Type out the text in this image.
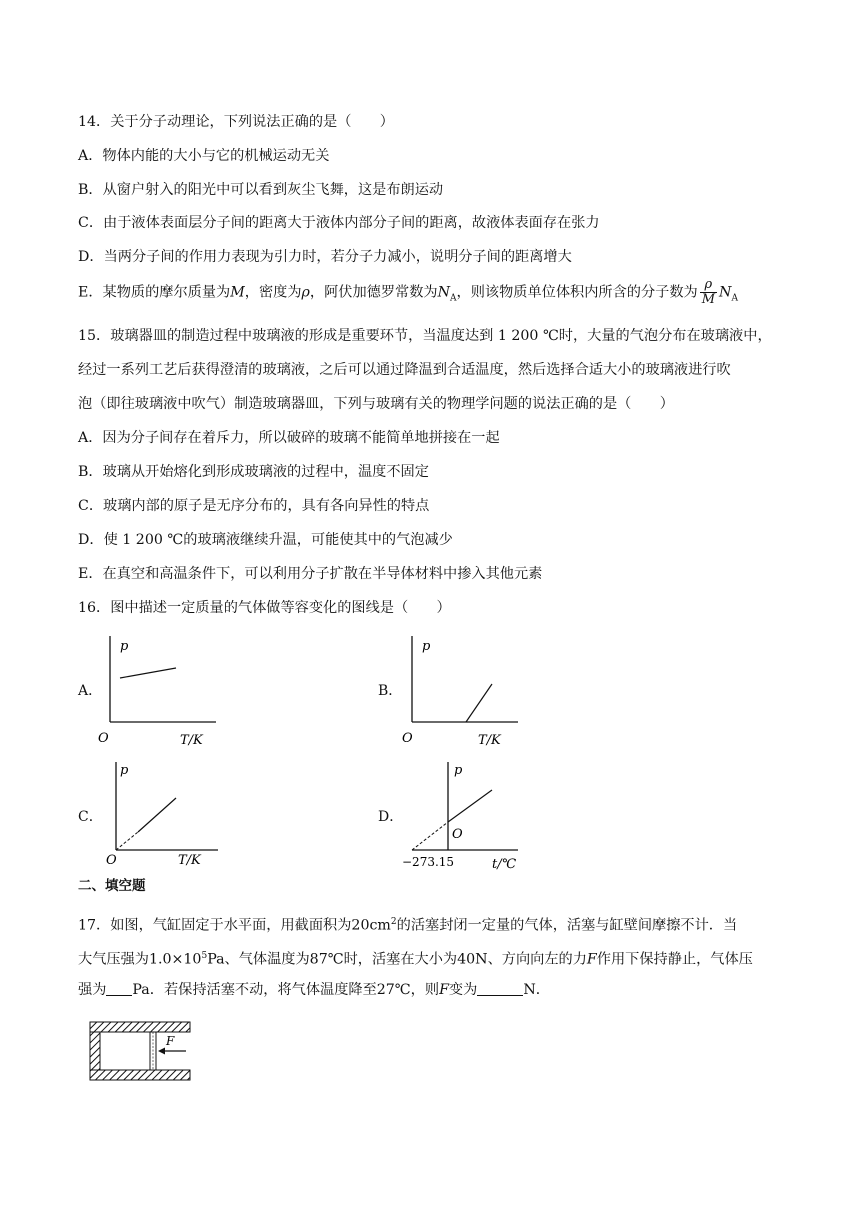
14．关于分子动理论，下列说法正确的是（　　）
A．物体内能的大小与它的机械运动无关
B．从窗户射入的阳光中可以看到灰尘飞舞，这是布朗运动
C．由于液体表面层分子间的距离大于液体内部分子间的距离，故液体表面存在张力
D．当两分子间的作用力表现为引力时，若分子力减小，说明分子间的距离增大
E．某物质的摩尔质量为M，密度为ρ，阿伏加德罗常数为$N_A$，则该物质单位体积内所含的分子数为 $\frac{\rho}{M} N_A$
15．玻璃器皿的制造过程中玻璃液的形成是重要环节，当温度达到 1 200 ℃时，大量的气泡分布在玻璃液中，
经过一系列工艺后获得澄清的玻璃液，之后可以通过降温到合适温度，然后选择合适大小的玻璃液进行吹
泡（即往玻璃液中吹气）制造玻璃器皿，下列与玻璃有关的物理学问题的说法正确的是（　　）
A．因为分子间存在着斥力，所以破碎的玻璃不能简单地拼接在一起
B．玻璃从开始熔化到形成玻璃液的过程中，温度不固定
C．玻璃内部的原子是无序分布的，具有各向异性的特点
D．使 1 200 ℃的玻璃液继续升温，可能使其中的气泡减少
E．在真空和高温条件下，可以利用分子扩散在半导体材料中掺入其他元素
16．图中描述一定质量的气体做等容变化的图线是（　　）
A．
p
O	T/K
B．
p
O	T/K
C．
p
O	T/K
D．
p
O
−273.15	t/℃
二、填空题
17．如图，气缸固定于水平面，用截面积为$20cm^2$的活塞封闭一定量的气体，活塞与缸壁间摩擦不计．当
大气压强为$1.0\times 10^5Pa$、气体温度为87℃时，活塞在大小为40N、方向向左的力F作用下保持静止，气体压
强为 Pa．若保持活塞不动，将气体温度降至27℃，则F变为	N．
F
